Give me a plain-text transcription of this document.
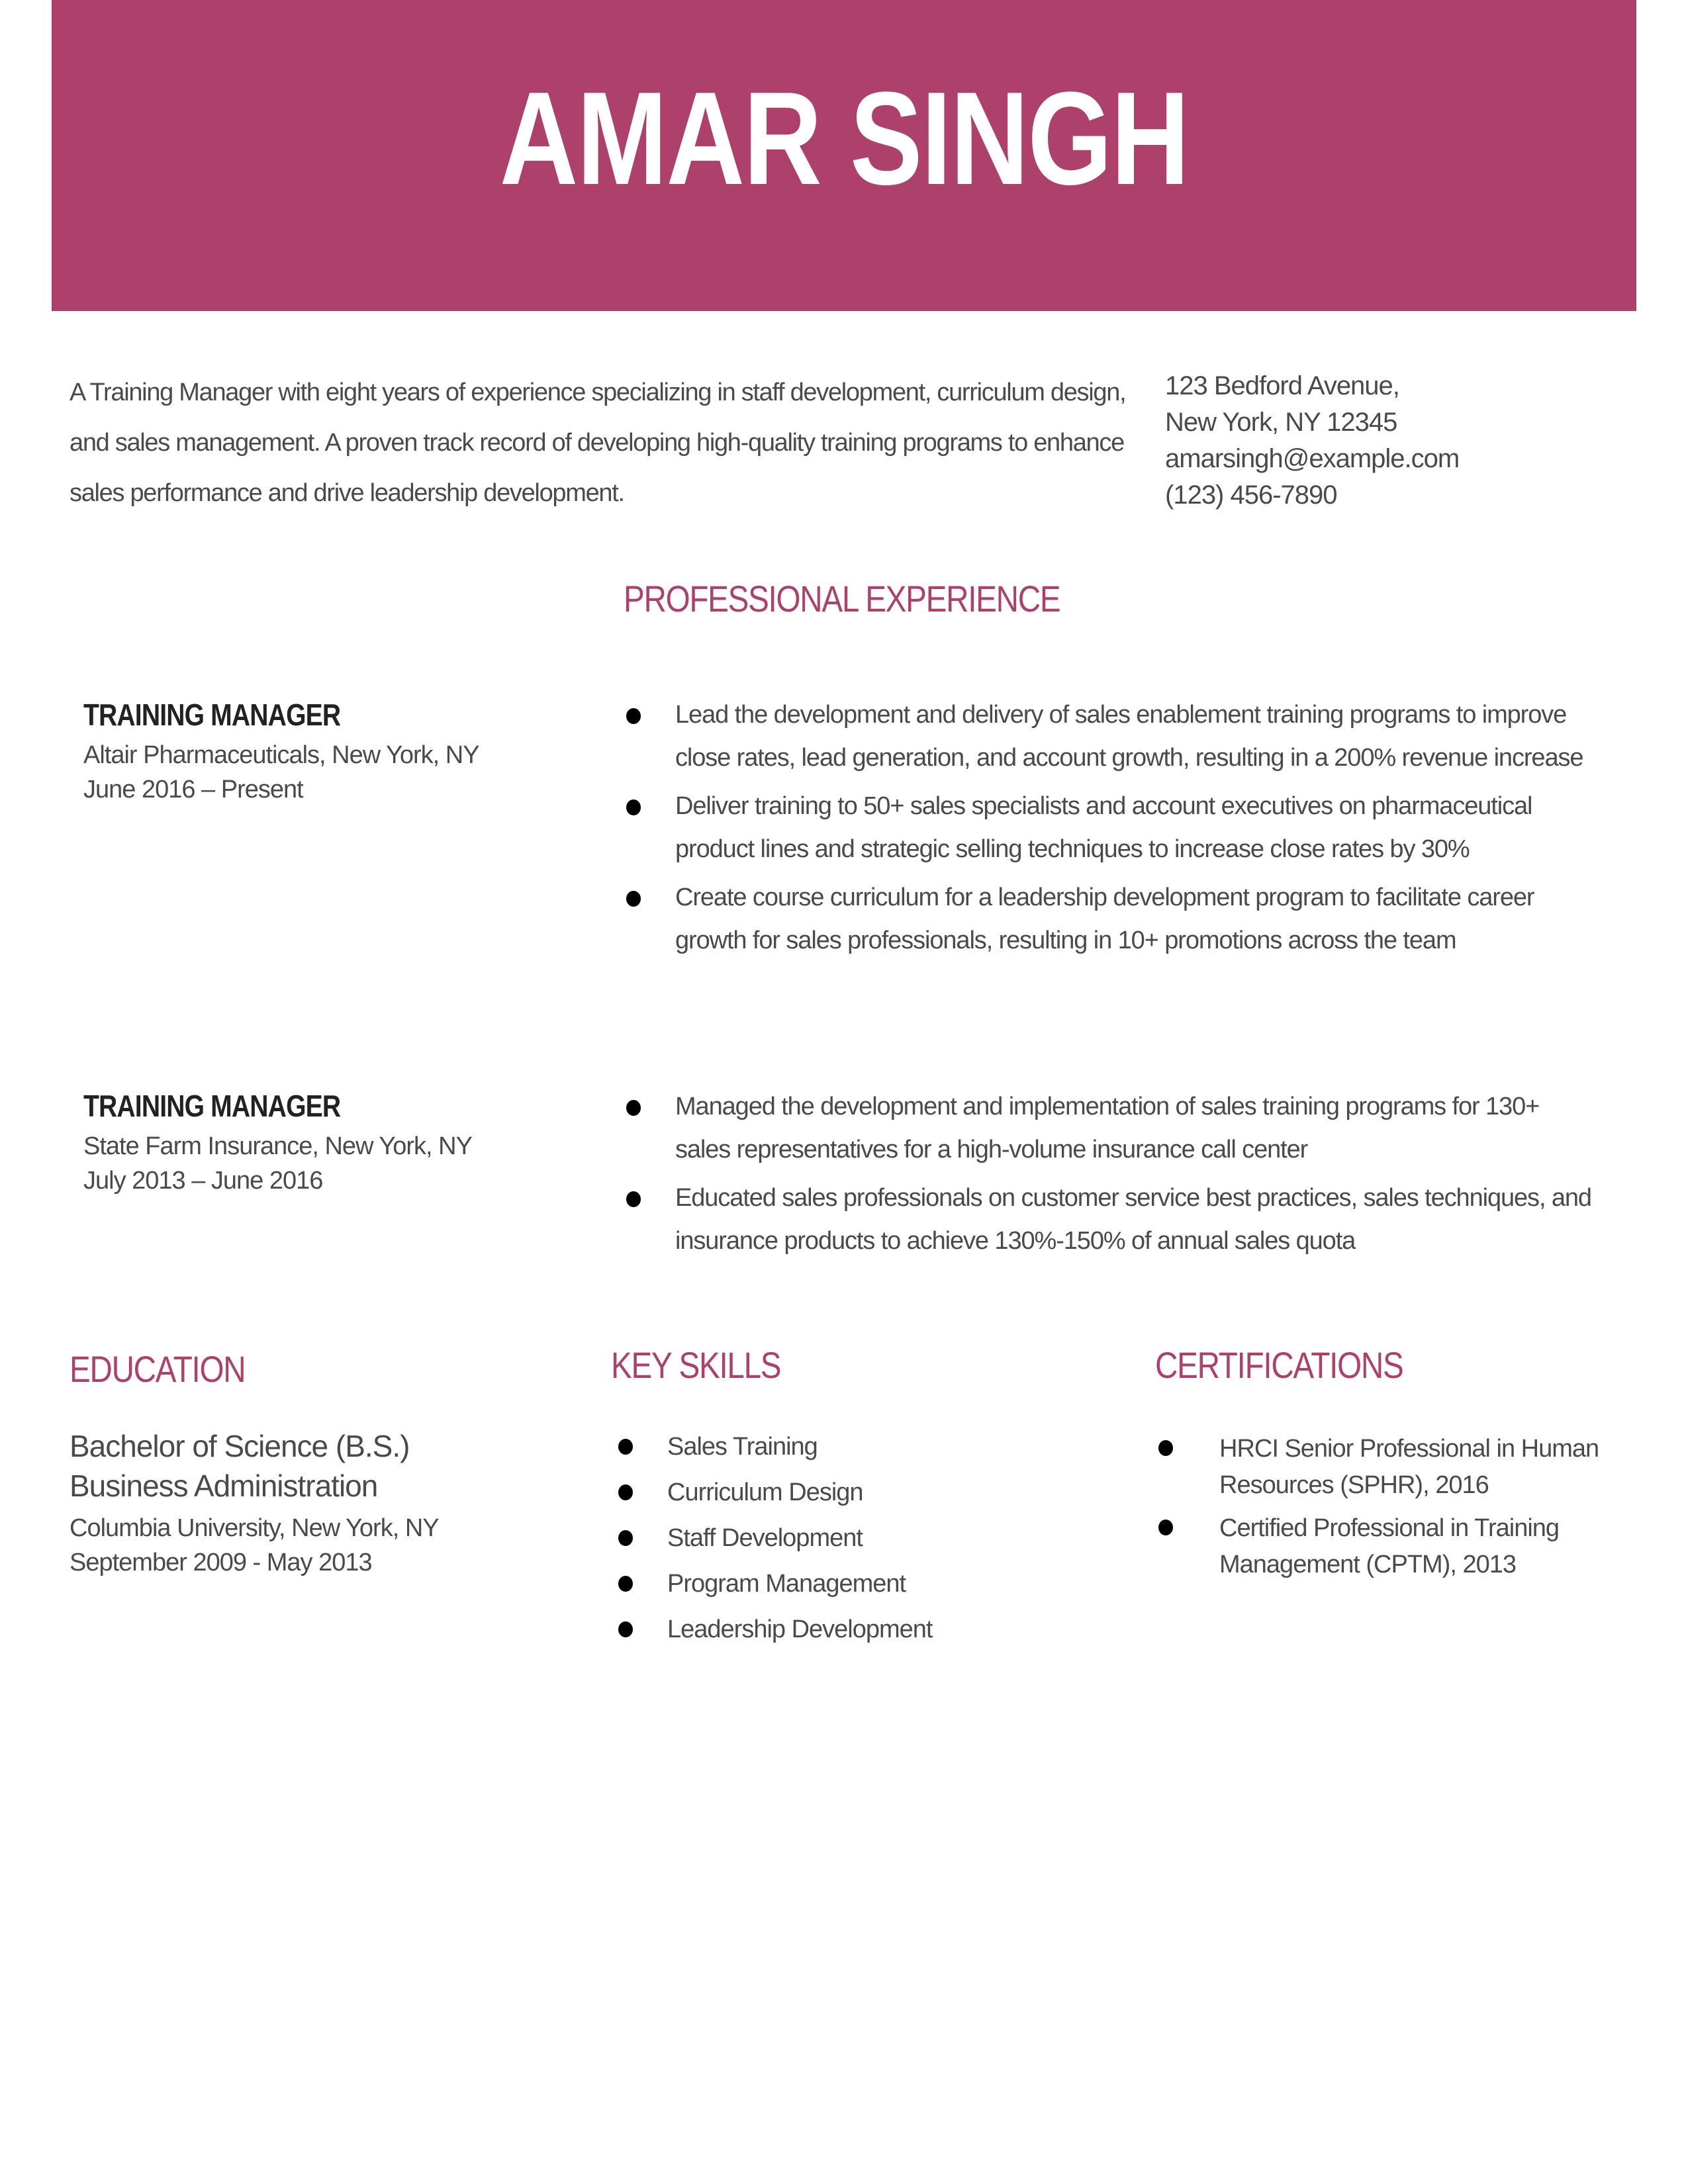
AMAR SINGH
A Training Manager with eight years of experience specializing in staff development, curriculum design, and sales management. A proven track record of developing high-quality training programs to enhance sales performance and drive leadership development.
123 Bedford Avenue,
New York, NY 12345
amarsingh@example.com
(123) 456-7890
PROFESSIONAL EXPERIENCE
TRAINING MANAGER
Altair Pharmaceuticals, New York, NY
June 2016 – Present
Lead the development and delivery of sales enablement training programs to improve close rates, lead generation, and account growth, resulting in a 200% revenue increase
Deliver training to 50+ sales specialists and account executives on pharmaceutical product lines and strategic selling techniques to increase close rates by 30%
Create course curriculum for a leadership development program to facilitate career growth for sales professionals, resulting in 10+ promotions across the team
TRAINING MANAGER
State Farm Insurance, New York, NY
July 2013 – June 2016
Managed the development and implementation of sales training programs for 130+ sales representatives for a high-volume insurance call center
Educated sales professionals on customer service best practices, sales techniques, and insurance products to achieve 130%-150% of annual sales quota
EDUCATION
Bachelor of Science (B.S.)
Business Administration
Columbia University, New York, NY
September 2009 - May 2013
KEY SKILLS
Sales Training
Curriculum Design
Staff Development
Program Management
Leadership Development
CERTIFICATIONS
HRCI Senior Professional in Human Resources (SPHR), 2016
Certified Professional in Training Management (CPTM), 2013
